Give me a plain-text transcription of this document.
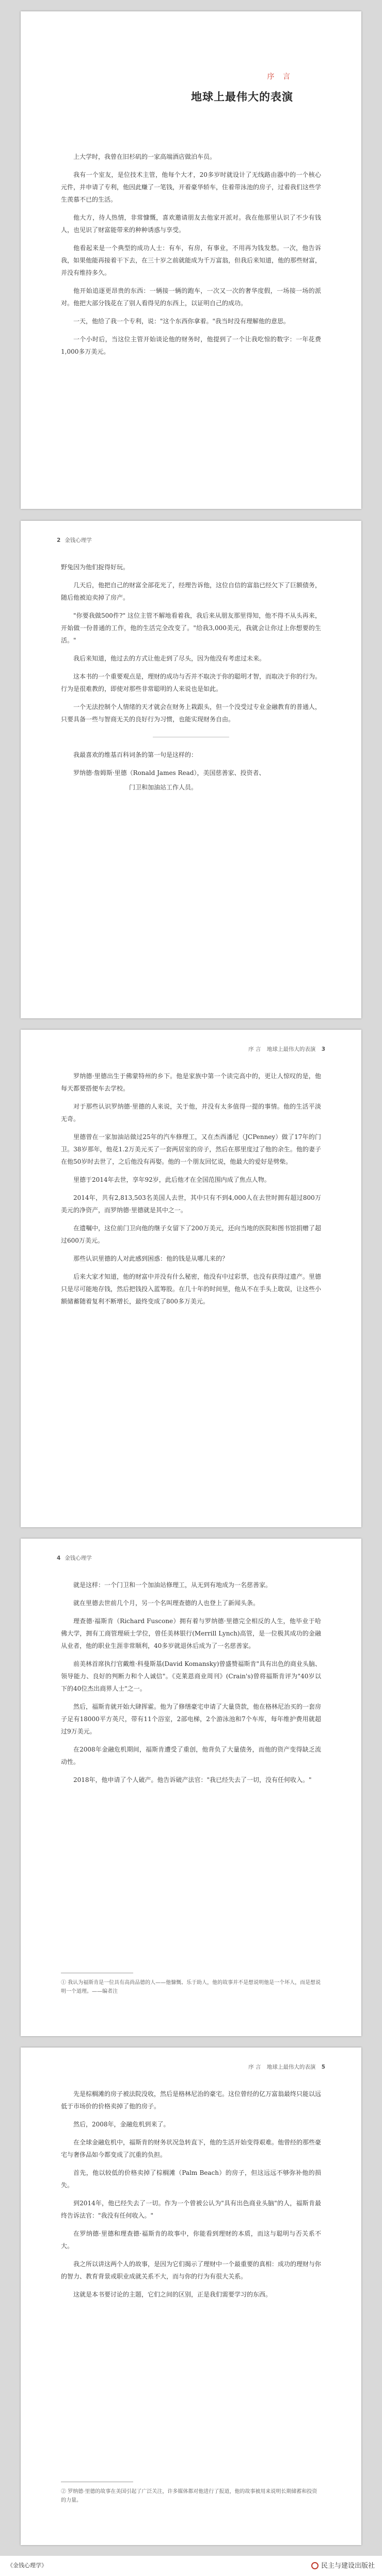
序 言
地球上最伟大的表演

上大学时，我曾在旧杉矶的一家高端酒店做泊车员。

我有一个室友，是位技术主管，他每个大才，20多岁时就设计了无线路由器中的一个核心元件，并申请了专利，他因此赚了一笔钱，开着豪华轿车，住着带泳池的房子，过着我们这些学生羡慕不已的生活。

他大方，待人热情，非常慷慨，喜欢邀请朋友去他家开派对。我在他那里认识了不少有钱人，也见识了财富能带来的种种诱惑与享受。

他看起来是一个典型的成功人士：有车，有房，有事业，不用再为钱发愁。一次，他告诉我，如果他能再接着干下去，在三十岁之前就能成为千万富翁，但我后来知道，他的那些财富，并没有维持多久。

他开始追逐更昂贵的东西：一辆接一辆的跑车，一次又一次的奢华度假，一场接一场的派对。他把大部分钱花在了别人看得见的东西上，以证明自己的成功。

一天，他给了我一个专利，说："这个东西你拿着。"我当时没有理解他的意思。

一个小时后，当这位主管开始谈论他的财务时，他提到了一个让我吃惊的数字：一年花费1,000多万美元。

2 金钱心理学

野兔因为他们捉得好玩。

几天后，他把自己的财富全部花光了，经理告诉他，这位自信的富翁已经欠下了巨额债务，随后他被迫卖掉了房产。

"你要我做500件?" 这位主管不解地看着我，我后来从朋友那里得知，他不得不从头再来，开始做一份普通的工作，他的生活完全改变了。"给我3,000美元，我就会让你过上你想要的生活。"

我后来知道，他过去的方式让他走到了尽头，因为他没有考虑过未来。

这本书的一个重要观点是，理财的成功与否并不取决于你的聪明才智，而取决于你的行为。行为是很难教的，即使对那些非常聪明的人来说也是如此。

一个无法控制个人情绪的天才就会在财务上栽跟头，但一个没受过专业金融教育的普通人，只要具备一些与智商无关的良好行为习惯，也能实现财务自由。

我最喜欢的维基百科词条的第一句是这样的：

罗纳德·詹姆斯·里德（Ronald James Read），美国慈善家、投资者、
门卫和加油站工作人员。
序 言 地球上最伟大的表演 3

罗纳德·里德出生于佛蒙特州的乡下。他是家族中第一个读完高中的，更让人惊叹的是，他每天都要搭便车去学校。

对于那些认识罗纳德·里德的人来说，关于他，并没有太多值得一提的事情。他的生活平淡无奇。

里德曾在一家加油站做过25年的汽车修理工，又在杰西潘尼（JCPenney）做了17年的门卫。38岁那年，他花1.2万美元买了一套两居室的房子，然后在那里度过了他的余生。他的妻子在他50岁时去世了，之后他没有再娶。他的一个朋友回忆说，他最大的爱好是劈柴。

里德于2014年去世，享年92岁，此后他才在全国范围内成了焦点人物。

2014年，共有2,813,503名美国人去世，其中只有不到4,000人在去世时拥有超过800万美元的净资产，而罗纳德·里德就是其中之一。

在遗嘱中，这位前门卫向他的继子女留下了200万美元，还向当地的医院和图书馆捐赠了超过600万美元。

那些认识里德的人对此感到困惑：他的钱是从哪儿来的？

后来大家才知道，他的财富中并没有什么秘密，他没有中过彩票，也没有获得过遗产。里德只是尽可能地存钱，然后把钱投入蓝筹股。在几十年的时间里，他从不在手头上耽误，让这些小额储蓄随着复利不断增长，最终变成了800多万美元。

4 金钱心理学

就是这样：一个门卫和一个加油站修理工，从无到有地成为一名慈善家。

就在里德去世前几个月，另一个名叫理查德的人也登上了新闻头条。

理查德·福斯肯（Richard Fuscone）拥有着与罗纳德·里德完全相反的人生，他毕业于哈佛大学，拥有工商管理硕士学位，曾任美林银行(Merrill Lynch)高管，是一位极其成功的金融从业者，他的职业生涯非常顺利，40多岁就退休后成为了一名慈善家。

前美林首席执行官戴维·科曼斯基(David Komansky)曾盛赞福斯肯"具有出色的商业头脑、领导能力、良好的判断力和个人诚信"。《克莱恩商业周刊》(Crain's)曾将福斯肯评为"40岁以下的40位杰出商界人士"之一。

然后，福斯肯就开始大肆挥霍。他为了修缮豪宅申请了大量贷款，他在格林尼治买的一套房子足有18000平方英尺，带有11个浴室，2部电梯，2个游泳池和7个车库，每年维护费用就超过9万美元。

在2008年金融危机期间，福斯肯遭受了重创，他背负了大量债务，而他的资产变得缺乏流动性。

2018年，他申请了个人破产。他告诉破产法官："我已经失去了一切，没有任何收入。"

① 我认为福斯肯是一位具有高尚品德的人——他慷慨、乐于助人，他的故事并不是想说明他是一个坏人，而是想说明一个道理。——编者注
序 言 地球上最伟大的表演 5

先是棕榈滩的房子被法院没收，然后是格林尼治的豪宅。这位曾经的亿万富翁最终只能以远低于市场价的价格卖掉了他的房子。

然后，2008年，金融危机到来了。

在全球金融危机中，福斯肯的财务状况急转直下，他的生活开始变得艰难。他曾经的那些豪宅与奢侈品如今都变成了沉重的负担。

首先，他以较低的价格卖掉了棕榈滩（Palm Beach）的房子，但这远远不够弥补他的损失。

到2014年，他已经失去了一切。作为一个曾被公认为"具有出色商业头脑"的人，福斯肯最终告诉法官："我没有任何收入。"

在罗纳德·里德和理查德·福斯肯的故事中，你能看到理财的本质，而这与聪明与否关系不大。

我之所以讲这两个人的故事，是因为它们揭示了理财中一个最重要的真相：成功的理财与你的智力、教育背景或职业成就关系不大，而与你的行为有很大关系。

这就是本书要讨论的主题，它们之间的区别，正是我们需要学习的东西。

② 罗纳德·里德的故事在美国引起了广泛关注，许多媒体都对他进行了报道，他的故事被用来说明长期储蓄和投资的力量。
《金钱心理学》	民主与建设出版社
